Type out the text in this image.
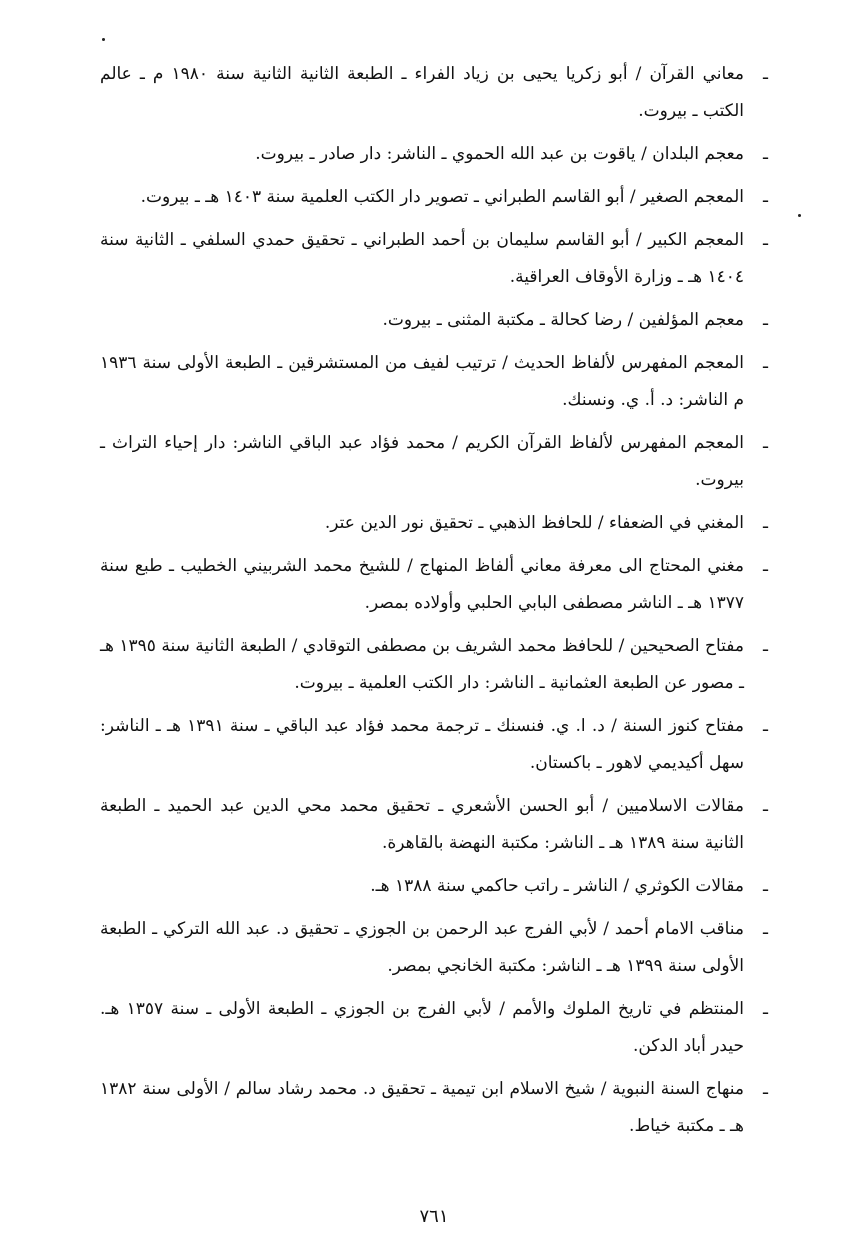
ـ
معاني القرآن / أبو زكريا يحيى بن زياد الفراء ـ الطبعة الثانية الثانية سنة ١٩٨٠ م ـ عالم الكتب ـ بيروت.
ـ
معجم البلدان / ياقوت بن عبد الله الحموي ـ الناشر: دار صادر ـ بيروت.
ـ
المعجم الصغير / أبو القاسم الطبراني ـ تصوير دار الكتب العلمية سنة ١٤٠٣ هـ ـ بيروت.
ـ
المعجم الكبير / أبو القاسم سليمان بن أحمد الطبراني ـ تحقيق حمدي السلفي ـ الثانية سنة ١٤٠٤ هـ ـ وزارة الأوقاف العراقية.
ـ
معجم المؤلفين / رضا كحالة ـ مكتبة المثنى ـ بيروت.
ـ
المعجم المفهرس لألفاظ الحديث / ترتيب لفيف من المستشرقين ـ الطبعة الأولى سنة ١٩٣٦ م الناشر: د. أ. ي. ونسنك.
ـ
المعجم المفهرس لألفاظ القرآن الكريم / محمد فؤاد عبد الباقي الناشر: دار إحياء التراث ـ بيروت.
ـ
المغني في الضعفاء / للحافظ الذهبي ـ تحقيق نور الدين عتر.
ـ
مغني المحتاج الى معرفة معاني ألفاظ المنهاج / للشيخ محمد الشربيني الخطيب ـ طبع سنة ١٣٧٧ هـ ـ الناشر مصطفى البابي الحلبي وأولاده بمصر.
ـ
مفتاح الصحيحين / للحافظ محمد الشريف بن مصطفى التوقادي / الطبعة الثانية سنة ١٣٩٥ هـ ـ مصور عن الطبعة العثمانية ـ الناشر: دار الكتب العلمية ـ بيروت.
ـ
مفتاح كنوز السنة / د. ا. ي. فنسنك ـ ترجمة محمد فؤاد عبد الباقي ـ سنة ١٣٩١ هـ ـ الناشر: سهل أكيديمي لاهور ـ باكستان.
ـ
مقالات الاسلاميين / أبو الحسن الأشعري ـ تحقيق محمد محي الدين عبد الحميد ـ الطبعة الثانية سنة ١٣٨٩ هـ ـ الناشر: مكتبة النهضة بالقاهرة.
ـ
مقالات الكوثري / الناشر ـ راتب حاكمي سنة ١٣٨٨ هـ.
ـ
مناقب الامام أحمد / لأبي الفرج عبد الرحمن بن الجوزي ـ تحقيق د. عبد الله التركي ـ الطبعة الأولى سنة ١٣٩٩ هـ ـ الناشر: مكتبة الخانجي بمصر.
ـ
المنتظم في تاريخ الملوك والأمم / لأبي الفرج بن الجوزي ـ الطبعة الأولى ـ سنة ١٣٥٧ هـ. حيدر أباد الدكن.
ـ
منهاج السنة النبوية / شيخ الاسلام ابن تيمية ـ تحقيق د. محمد رشاد سالم / الأولى سنة ١٣٨٢ هـ ـ مكتبة خياط.
٧٦١
